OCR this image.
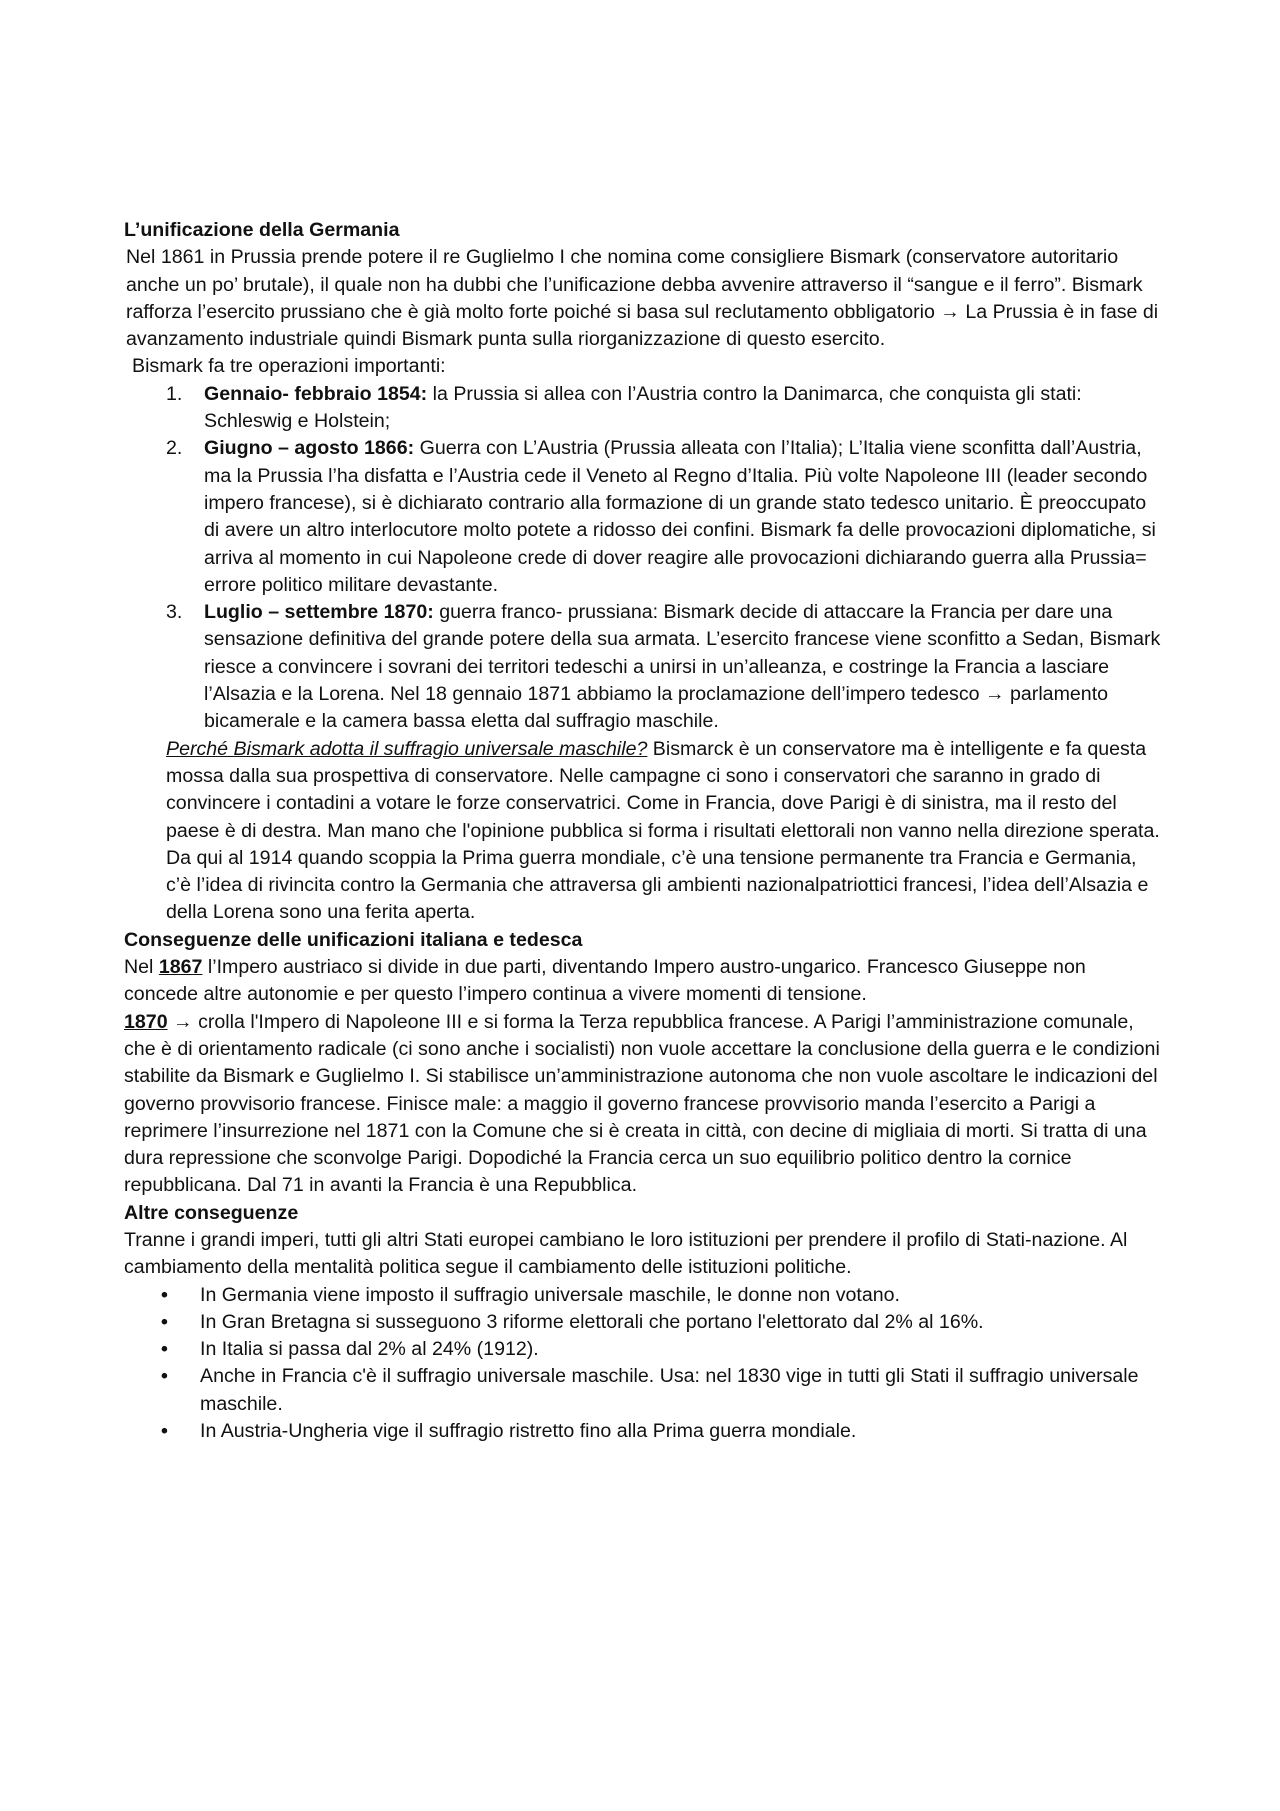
L’unificazione della Germania

Nel 1861 in Prussia prende potere il re Guglielmo I che nomina come consigliere Bismark (conservatore autoritario anche un po’ brutale), il quale non ha dubbi che l’unificazione debba avvenire attraverso il “sangue e il ferro”. Bismark rafforza l’esercito prussiano che è già molto forte poiché si basa sul reclutamento obbligatorio → La Prussia è in fase di avanzamento industriale quindi Bismark punta sulla riorganizzazione di questo esercito.

Bismark fa tre operazioni importanti:

1. Gennaio- febbraio 1854: la Prussia si allea con l’Austria contro la Danimarca, che conquista gli stati: Schleswig e Holstein;
2. Giugno – agosto 1866: Guerra con L’Austria (Prussia alleata con l’Italia); L’Italia viene sconfitta dall’Austria, ma la Prussia l’ha disfatta e l’Austria cede il Veneto al Regno d’Italia. Più volte Napoleone III (leader secondo impero francese), si è dichiarato contrario alla formazione di un grande stato tedesco unitario. È preoccupato di avere un altro interlocutore molto potete a ridosso dei confini. Bismark fa delle provocazioni diplomatiche, si arriva al momento in cui Napoleone crede di dover reagire alle provocazioni dichiarando guerra alla Prussia= errore politico militare devastante.
3. Luglio – settembre 1870: guerra franco- prussiana: Bismark decide di attaccare la Francia per dare una sensazione definitiva del grande potere della sua armata. L’esercito francese viene sconfitto a Sedan, Bismark riesce a convincere i sovrani dei territori tedeschi a unirsi in un’alleanza, e costringe la Francia a lasciare l’Alsazia e la Lorena. Nel 18 gennaio 1871 abbiamo la proclamazione dell’impero tedesco → parlamento bicamerale e la camera bassa eletta dal suffragio maschile.

Perché Bismark adotta il suffragio universale maschile? Bismarck è un conservatore ma è intelligente e fa questa mossa dalla sua prospettiva di conservatore. Nelle campagne ci sono i conservatori che saranno in grado di convincere i contadini a votare le forze conservatrici. Come in Francia, dove Parigi è di sinistra, ma il resto del paese è di destra. Man mano che l'opinione pubblica si forma i risultati elettorali non vanno nella direzione sperata.

Da qui al 1914 quando scoppia la Prima guerra mondiale, c’è una tensione permanente tra Francia e Germania, c’è l’idea di rivincita contro la Germania che attraversa gli ambienti nazionalpatriottici francesi, l’idea dell’Alsazia e della Lorena sono una ferita aperta.

Conseguenze delle unificazioni italiana e tedesca

Nel 1867 l’Impero austriaco si divide in due parti, diventando Impero austro-ungarico. Francesco Giuseppe non concede altre autonomie e per questo l’impero continua a vivere momenti di tensione.

1870 → crolla l'Impero di Napoleone III e si forma la Terza repubblica francese. A Parigi l’amministrazione comunale, che è di orientamento radicale (ci sono anche i socialisti) non vuole accettare la conclusione della guerra e le condizioni stabilite da Bismark e Guglielmo I. Si stabilisce un’amministrazione autonoma che non vuole ascoltare le indicazioni del governo provvisorio francese. Finisce male: a maggio il governo francese provvisorio manda l’esercito a Parigi a reprimere l’insurrezione nel 1871 con la Comune che si è creata in città, con decine di migliaia di morti. Si tratta di una dura repressione che sconvolge Parigi. Dopodiché la Francia cerca un suo equilibrio politico dentro la cornice repubblicana. Dal 71 in avanti la Francia è una Repubblica.

Altre conseguenze

Tranne i grandi imperi, tutti gli altri Stati europei cambiano le loro istituzioni per prendere il profilo di Stati-nazione. Al cambiamento della mentalità politica segue il cambiamento delle istituzioni politiche.

• In Germania viene imposto il suffragio universale maschile, le donne non votano.
• In Gran Bretagna si susseguono 3 riforme elettorali che portano l'elettorato dal 2% al 16%.
• In Italia si passa dal 2% al 24% (1912).
• Anche in Francia c'è il suffragio universale maschile. Usa: nel 1830 vige in tutti gli Stati il suffragio universale maschile.
• In Austria-Ungheria vige il suffragio ristretto fino alla Prima guerra mondiale.
